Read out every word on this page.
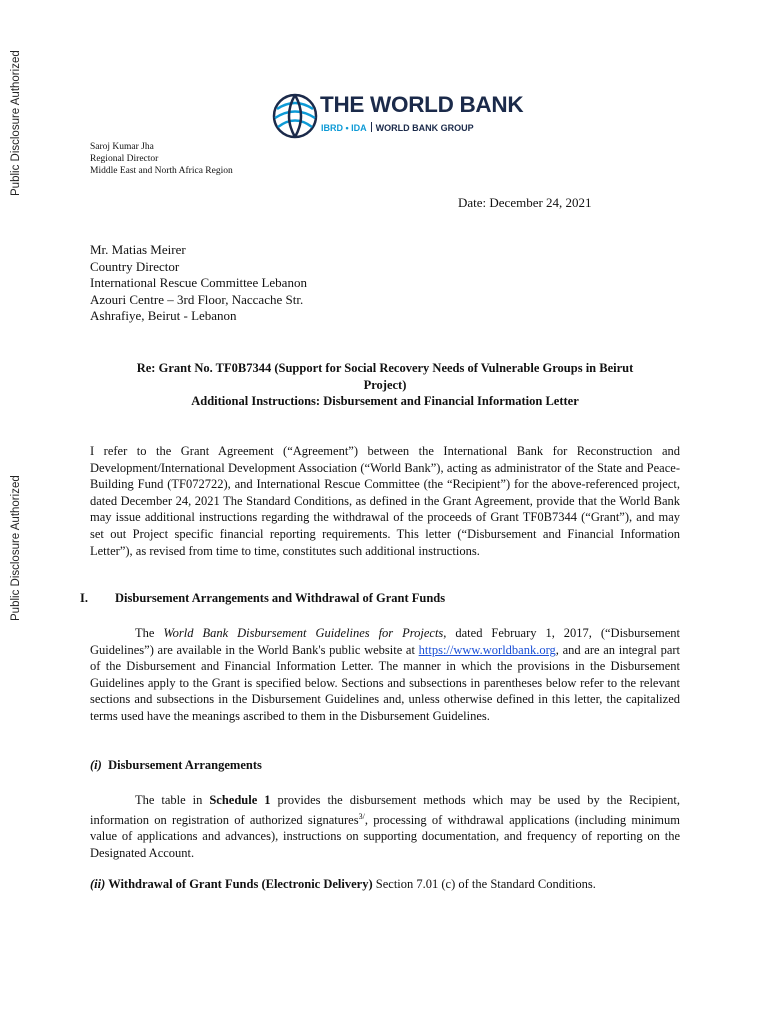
Public Disclosure Authorized
Public Disclosure Authorized
THE WORLD BANK
IBRD • IDA WORLD BANK GROUP
Saroj Kumar Jha
Regional Director
Middle East and North Africa Region
Date: December 24, 2021
Mr. Matias Meirer
Country Director
International Rescue Committee Lebanon
Azouri Centre – 3rd Floor, Naccache Str.
Ashrafiye, Beirut - Lebanon
Re: Grant No. TF0B7344 (Support for Social Recovery Needs of Vulnerable Groups in Beirut
Project)
Additional Instructions: Disbursement and Financial Information Letter
I refer to the Grant Agreement (“Agreement”) between the International Bank for Reconstruction and Development/International Development Association (“World Bank”), acting as administrator of the State and Peace-Building Fund (TF072722), and International Rescue Committee (the “Recipient”) for the above-referenced project, dated December 24, 2021 The Standard Conditions, as defined in the Grant Agreement, provide that the World Bank may issue additional instructions regarding the withdrawal of the proceeds of Grant TF0B7344 (“Grant”), and may set out Project specific financial reporting requirements. This letter (“Disbursement and Financial Information Letter”), as revised from time to time, constitutes such additional instructions.
I. Disbursement Arrangements and Withdrawal of Grant Funds
The World Bank Disbursement Guidelines for Projects, dated February 1, 2017, (“Disbursement Guidelines”) are available in the World Bank's public website at https://www.worldbank.org, and are an integral part of the Disbursement and Financial Information Letter. The manner in which the provisions in the Disbursement Guidelines apply to the Grant is specified below. Sections and subsections in parentheses below refer to the relevant sections and subsections in the Disbursement Guidelines and, unless otherwise defined in this letter, the capitalized terms used have the meanings ascribed to them in the Disbursement Guidelines.
(i) Disbursement Arrangements
The table in Schedule 1 provides the disbursement methods which may be used by the Recipient, information on registration of authorized signatures$^{3/}$, processing of withdrawal applications (including minimum value of applications and advances), instructions on supporting documentation, and frequency of reporting on the Designated Account.
(ii) Withdrawal of Grant Funds (Electronic Delivery) Section 7.01 (c) of the Standard Conditions.
